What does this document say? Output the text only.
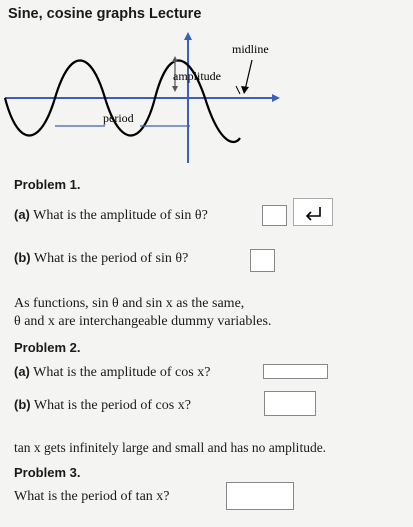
Sine, cosine graphs Lecture
period
amplitude
midline
Problem 1.
(a) What is the amplitude of sin θ?
(b) What is the period of sin θ?
As functions, sin θ and sin x as the same,
θ and x are interchangeable dummy variables.
Problem 2.
(a) What is the amplitude of cos x?
(b) What is the period of cos x?
tan x gets infinitely large and small and has no amplitude.
Problem 3.
What is the period of tan x?
